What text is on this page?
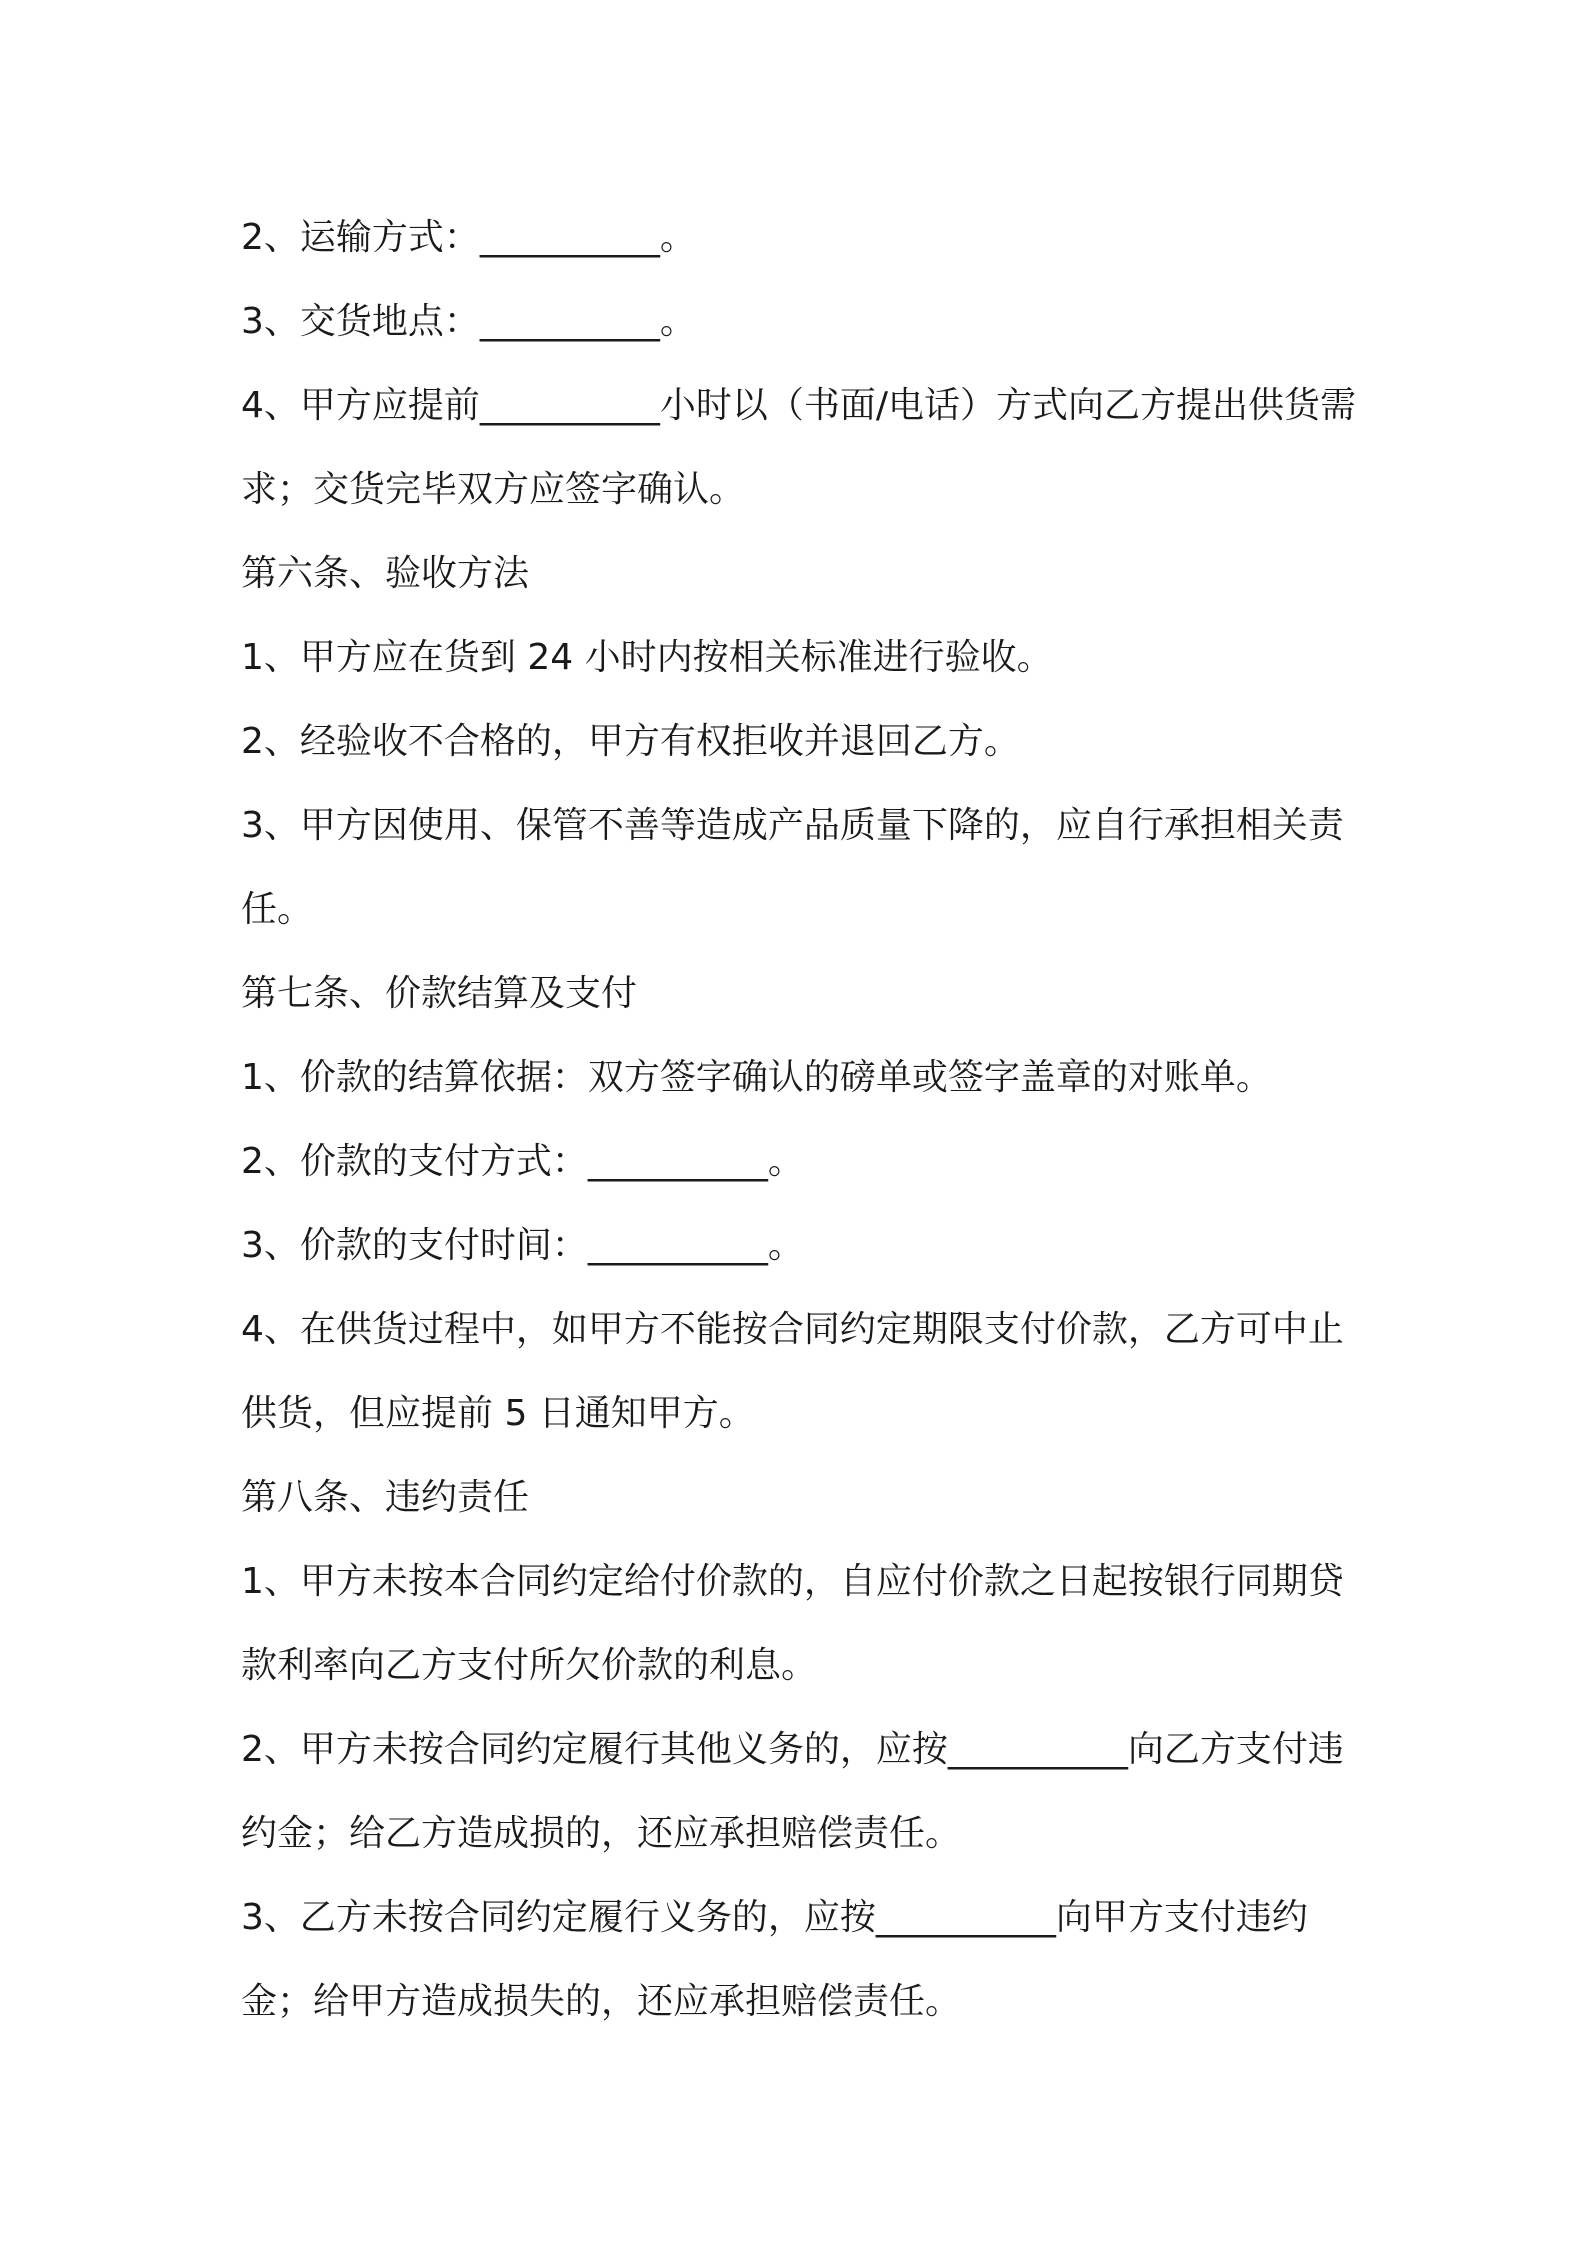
2、运输方式：__________。

3、交货地点：__________。

4、甲方应提前__________小时以（书面/电话）方式向乙方提出供货需求；交货完毕双方应签字确认。

第六条、验收方法

1、甲方应在货到 24 小时内按相关标准进行验收。

2、经验收不合格的，甲方有权拒收并退回乙方。

3、甲方因使用、保管不善等造成产品质量下降的，应自行承担相关责任。

第七条、价款结算及支付

1、价款的结算依据：双方签字确认的磅单或签字盖章的对账单。

2、价款的支付方式：__________。

3、价款的支付时间：__________。

4、在供货过程中，如甲方不能按合同约定期限支付价款，乙方可中止供货，但应提前 5 日通知甲方。

第八条、违约责任

1、甲方未按本合同约定给付价款的，自应付价款之日起按银行同期贷款利率向乙方支付所欠价款的利息。

2、甲方未按合同约定履行其他义务的，应按__________向乙方支付违约金；给乙方造成损的，还应承担赔偿责任。

3、乙方未按合同约定履行义务的，应按__________向甲方支付违约金；给甲方造成损失的，还应承担赔偿责任。
